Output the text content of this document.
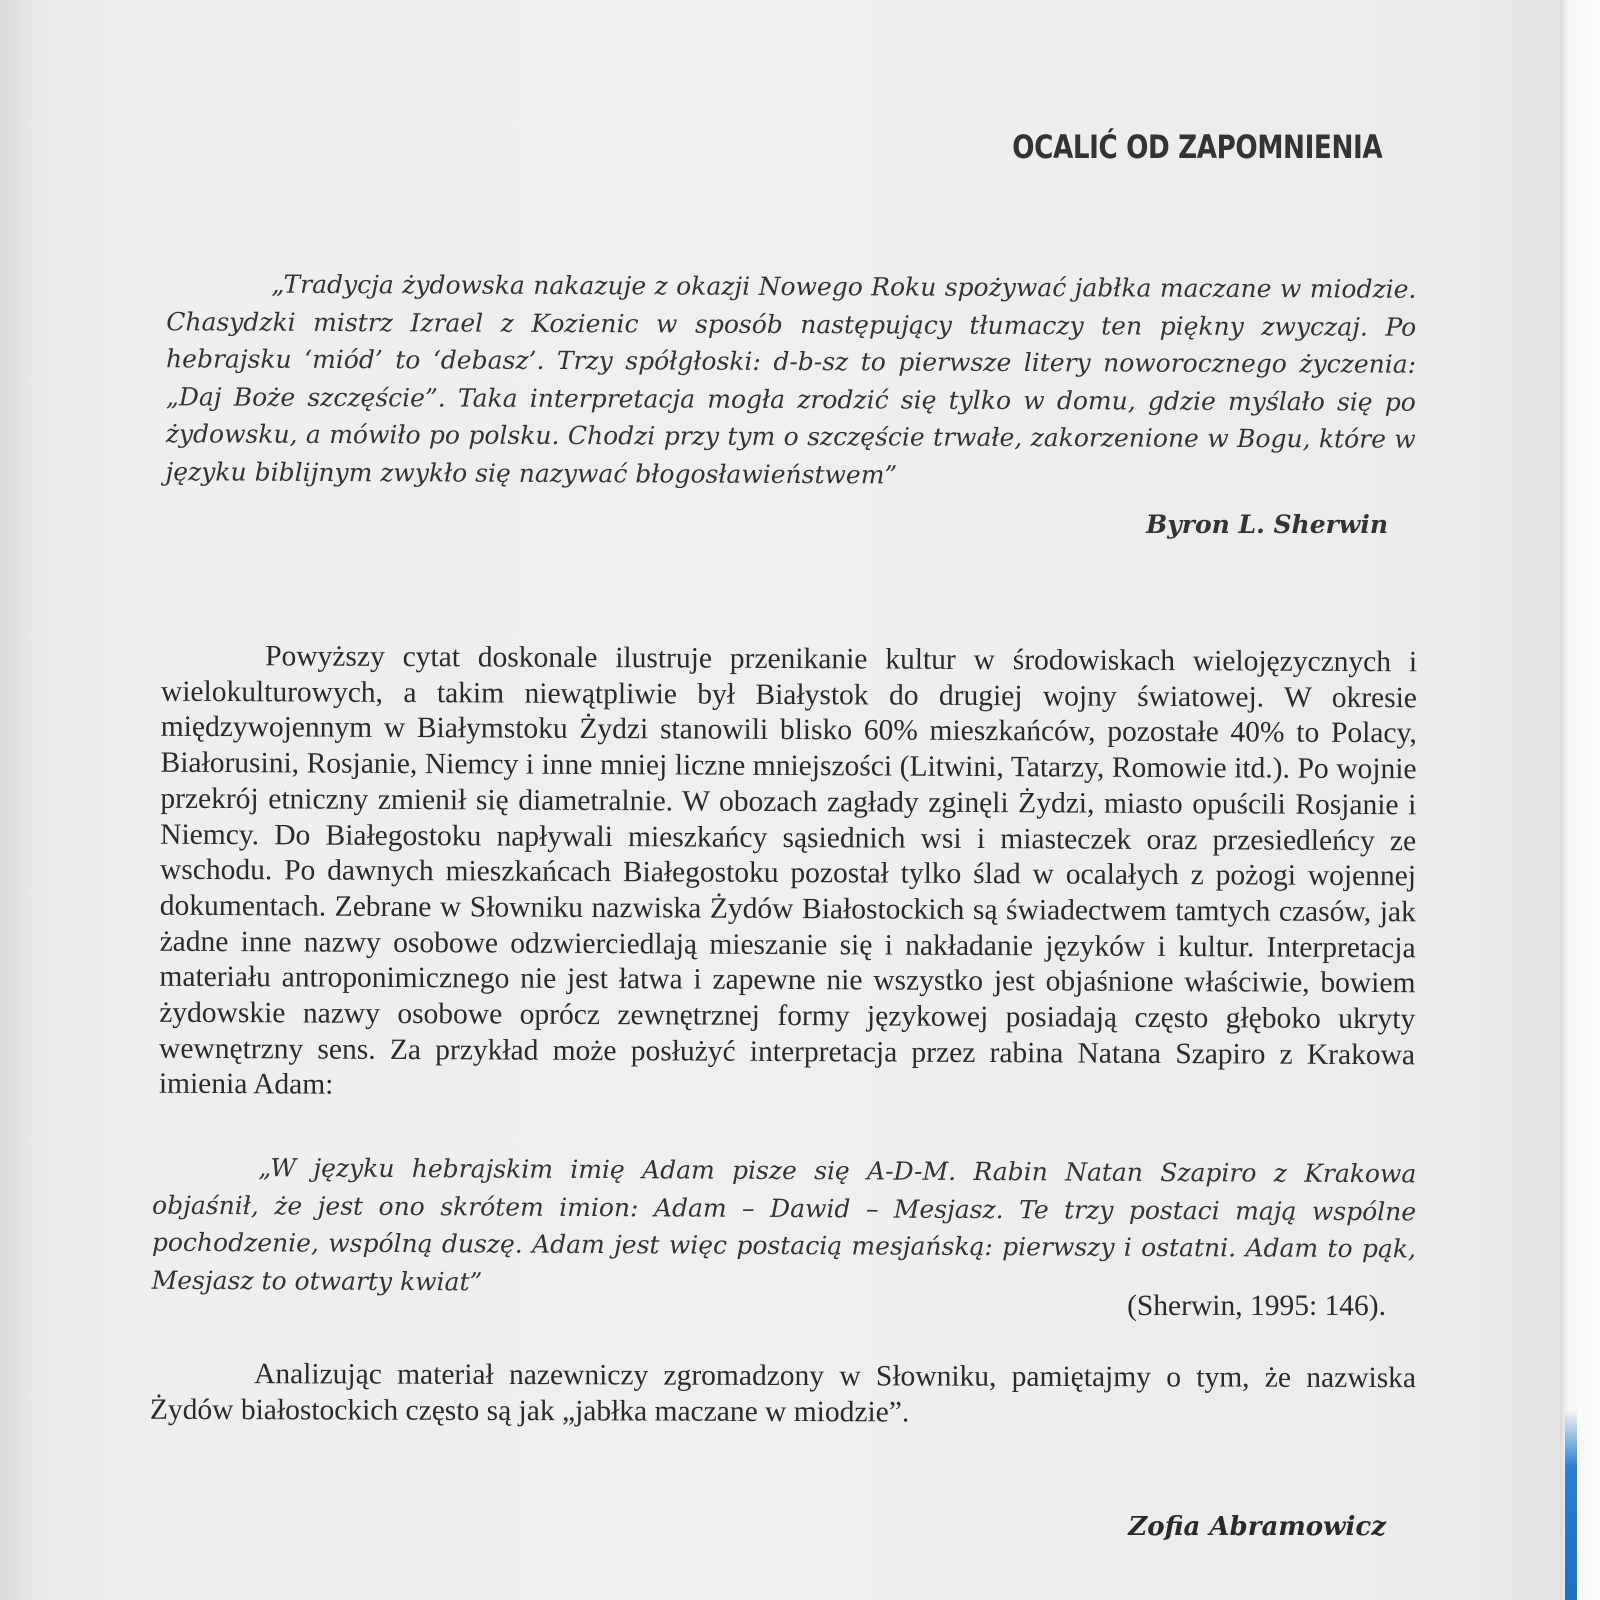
OCALIĆ OD ZAPOMNIENIA

„Tradycja żydowska nakazuje z okazji Nowego Roku spożywać jabłka maczane w miodzie. Chasydzki mistrz Izrael z Kozienic w sposób następujący tłumaczy ten piękny zwyczaj. Po hebrajsku ‘miód’ to ‘debasz’. Trzy spółgłoski: d-b-sz to pierwsze litery noworocznego życzenia: „Daj Boże szczęście”. Taka interpretacja mogła zrodzić się tylko w domu, gdzie myślało się po żydowsku, a mówiło po polsku. Chodzi przy tym o szczęście trwałe, zakorzenione w Bogu, które w języku biblijnym zwykło się nazywać błogosławieństwem”

Byron L. Sherwin

Powyższy cytat doskonale ilustruje przenikanie kultur w środowiskach wielojęzycznych i wielokulturowych, a takim niewątpliwie był Białystok do drugiej wojny światowej. W okresie międzywojennym w Białymstoku Żydzi stanowili blisko 60% mieszkańców, pozostałe 40% to Polacy, Białorusini, Rosjanie, Niemcy i inne mniej liczne mniejszości (Litwini, Tatarzy, Romowie itd.). Po wojnie przekrój etniczny zmienił się diametralnie. W obozach zagłady zginęli Żydzi, miasto opuścili Rosjanie i Niemcy. Do Białegostoku napływali mieszkańcy sąsiednich wsi i miasteczek oraz przesiedleńcy ze wschodu. Po dawnych mieszkańcach Białegostoku pozostał tylko ślad w ocalałych z pożogi wojennej dokumentach. Zebrane w Słowniku nazwiska Żydów Białostockich są świadectwem tamtych czasów, jak żadne inne nazwy osobowe odzwierciedlają mieszanie się i nakładanie języków i kultur. Interpretacja materiału antroponimicznego nie jest łatwa i zapewne nie wszystko jest objaśnione właściwie, bowiem żydowskie nazwy osobowe oprócz zewnętrznej formy językowej posiadają często głęboko ukryty wewnętrzny sens. Za przykład może posłużyć interpretacja przez rabina Natana Szapiro z Krakowa imienia Adam:

„W języku hebrajskim imię Adam pisze się A-D-M. Rabin Natan Szapiro z Krakowa objaśnił, że jest ono skrótem imion: Adam – Dawid – Mesjasz. Te trzy postaci mają wspólne pochodzenie, wspólną duszę. Adam jest więc postacią mesjańską: pierwszy i ostatni. Adam to pąk, Mesjasz to otwarty kwiat”

(Sherwin, 1995: 146).

Analizując materiał nazewniczy zgromadzony w Słowniku, pamiętajmy o tym, że nazwiska Żydów białostockich często są jak „jabłka maczane w miodzie”.

Zofia Abramowicz
